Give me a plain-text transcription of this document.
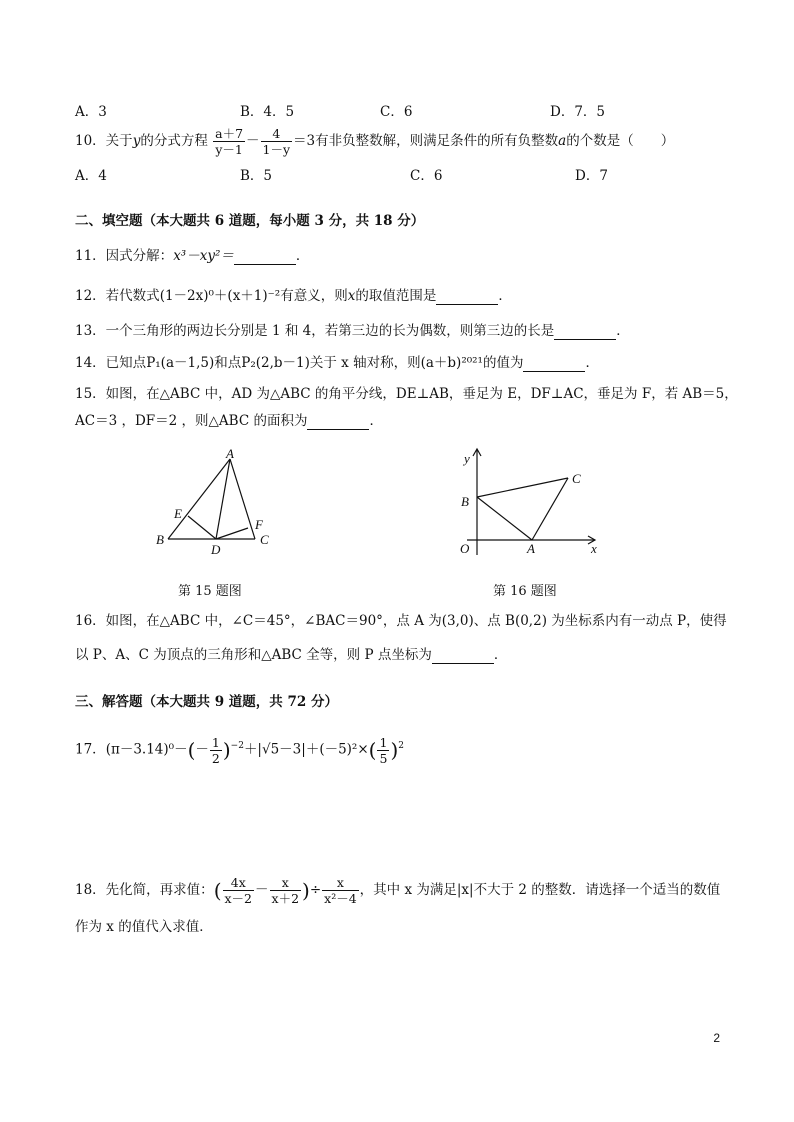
A．3	B．4．5	C．6	D．7．5
10．关于y的分式方程 $\frac{a+7}{y-1} - \frac{4}{1-y} =3$有非负整数解，则满足条件的所有负整数a的个数是（　　）
A．4	B．5	C．6	D．7
二、填空题（本大题共 6 道题，每小题 3 分，共 18 分）
11．因式分解：x³－xy²＝	．
12．若代数式(1－2x)⁰＋(x＋1)⁻²有意义，则x的取值范围是	．
13．一个三角形的两边长分别是 1 和 4，若第三边的长为偶数，则第三边的长是	．
14．已知点P₁(a－1,5)和点P₂(2,b－1)关于 x 轴对称，则(a＋b)²⁰²¹的值为	．
15．如图，在△ABC 中，AD 为△ABC 的角平分线，DE⊥AB，垂足为 E，DF⊥AC，垂足为 F，若 AB＝5，
AC＝3 ，DF＝2 ，则△ABC 的面积为	．
A
B	C
D
E
F
第 15 题图
y
x
O	A
B
C
第 16 题图
16．如图，在△ABC 中，∠C＝45°，∠BAC＝90°，点 A 为(3,0)、点 B(0,2) 为坐标系内有一动点 P，使得
以 P、A、C 为顶点的三角形和△ABC 全等，则 P 点坐标为	．
三、解答题（本大题共 9 道题，共 72 分）
17．$(\pi-3.14)^0-(- \frac{1}{2} )^{-2}+|√5-3|+(-5)^2\times( \frac{1}{5} )^2$
18．先化简，再求值：( $\frac{4x}{x-2} - \frac{x}{x+2}$ )÷ $\frac{x}{\text{x²－4}}$ ，其中 x 为满足|x|不大于 2 的整数．请选择一个适当的数值
作为 x 的值代入求值．
2
